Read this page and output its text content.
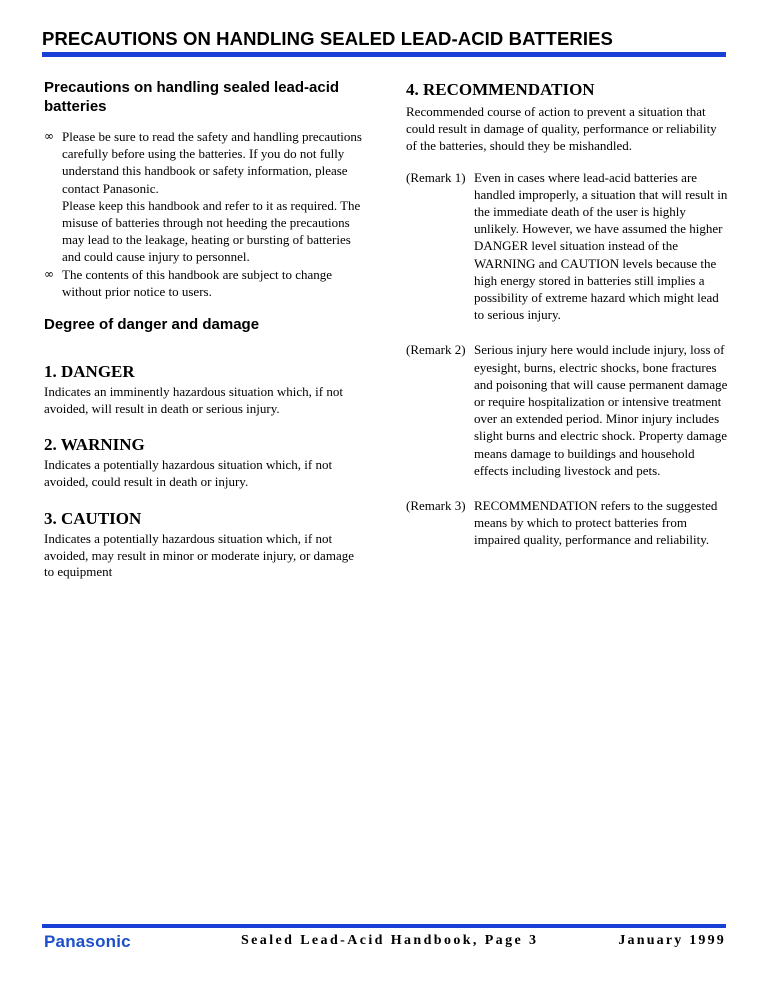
PRECAUTIONS ON HANDLING SEALED LEAD-ACID BATTERIES
Precautions on handling sealed lead-acid batteries
∞ Please be sure to read the safety and handling precautions carefully before using the batteries. If you do not fully understand this handbook or safety information, please contact Panasonic.
Please keep this handbook and refer to it as required. The misuse of batteries through not heeding the precautions may lead to the leakage, heating or bursting of batteries and could cause injury to personnel.
∞ The contents of this handbook are subject to change without prior notice to users.
Degree of danger and damage
1. DANGER

Indicates an imminently hazardous situation which, if not avoided, will result in death or serious injury.

2. WARNING

Indicates a potentially hazardous situation which, if not avoided, could result in death or injury.

3. CAUTION

Indicates a potentially hazardous situation which, if not avoided, may result in minor or moderate injury, or damage to equipment

4. RECOMMENDATION

Recommended course of action to prevent a situation that could result in damage of quality, performance or reliability of the batteries, should they be mishandled.

(Remark 1) Even in cases where lead-acid batteries are handled improperly, a situation that will result in the immediate death of the user is highly unlikely. However, we have assumed the higher DANGER level situation instead of the WARNING and CAUTION levels because the high energy stored in batteries still implies a possibility of extreme hazard which might lead to serious injury.
(Remark 2) Serious injury here would include injury, loss of eyesight, burns, electric shocks, bone fractures and poisoning that will cause permanent damage or require hospitalization or intensive treatment over an extended period. Minor injury includes slight burns and electric shock. Property damage means damage to buildings and household effects including livestock and pets.
(Remark 3) RECOMMENDATION refers to the suggested means by which to protect batteries from impaired quality, performance and reliability.
Panasonic	Sealed Lead-Acid Handbook, Page 3	January 1999
